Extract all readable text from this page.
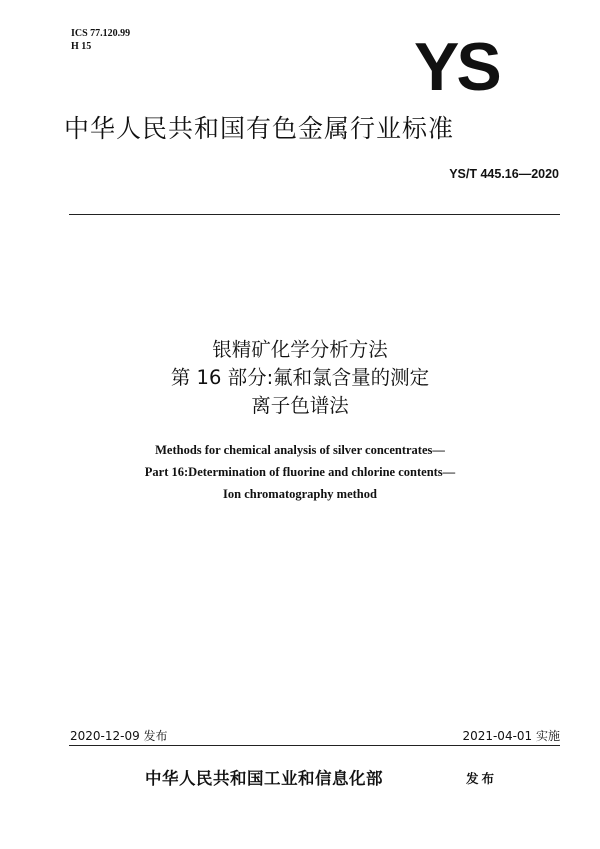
ICS 77.120.99
H 15	YS
中华人民共和国有色金属行业标准
YS/T 445.16—2020
银精矿化学分析方法
第 16 部分:氟和氯含量的测定
离子色谱法
Methods for chemical analysis of silver concentrates—
Part 16:Determination of fluorine and chlorine contents—
Ion chromatography method
2020-12-09 发布	2021-04-01 实施
中华人民共和国工业和信息化部	发布
